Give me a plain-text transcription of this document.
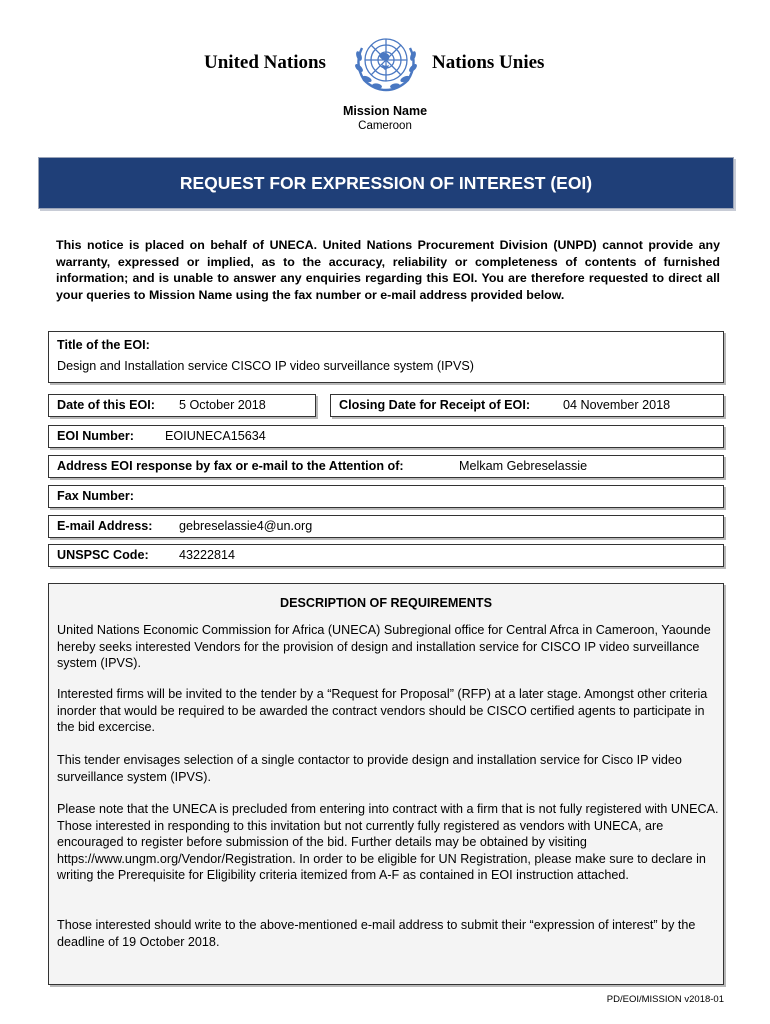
United Nations	Nations Unies
Mission Name
Cameroon
REQUEST FOR EXPRESSION OF INTEREST (EOI)
This notice is placed on behalf of UNECA. United Nations Procurement Division (UNPD) cannot provide any warranty, expressed or implied, as to the accuracy, reliability or completeness of contents of furnished information; and is unable to answer any enquiries regarding this EOI. You are therefore requested to direct all your queries to Mission Name using the fax number or e-mail address provided below.
Title of the EOI:
Design and Installation service CISCO IP video surveillance system (IPVS)
Date of this EOI: 5 October 2018	Closing Date for Receipt of EOI:	04 November 2018
EOI Number: EOIUNECA15634
Address EOI response by fax or e-mail to the Attention of:	Melkam Gebreselassie
Fax Number:
E-mail Address: gebreselassie4@un.org
UNSPSC Code: 43222814
DESCRIPTION OF REQUIREMENTS
United Nations Economic Commission for Africa (UNECA) Subregional office for Central Afrca in Cameroon, Yaounde hereby seeks interested Vendors for the provision of design and installation service for CISCO IP video surveillance system (IPVS).
Interested firms will be invited to the tender by a “Request for Proposal” (RFP) at a later stage. Amongst other criteria inorder that would be required to be awarded the contract vendors should be CISCO certified agents to participate in the bid excercise.
This tender envisages selection of a single contactor to provide design and installation service for Cisco IP video surveillance system (IPVS).
Please note that the UNECA is precluded from entering into contract with a firm that is not fully registered with UNECA. Those interested in responding to this invitation but not currently fully registered as vendors with UNECA, are encouraged to register before submission of the bid. Further details may be obtained by visiting https://www.ungm.org/Vendor/Registration. In order to be eligible for UN Registration, please make sure to declare in writing the Prerequisite for Eligibility criteria itemized from A-F as contained in EOI instruction attached.
Those interested should write to the above-mentioned e-mail address to submit their “expression of interest” by the deadline of 19 October 2018.
PD/EOI/MISSION v2018-01
